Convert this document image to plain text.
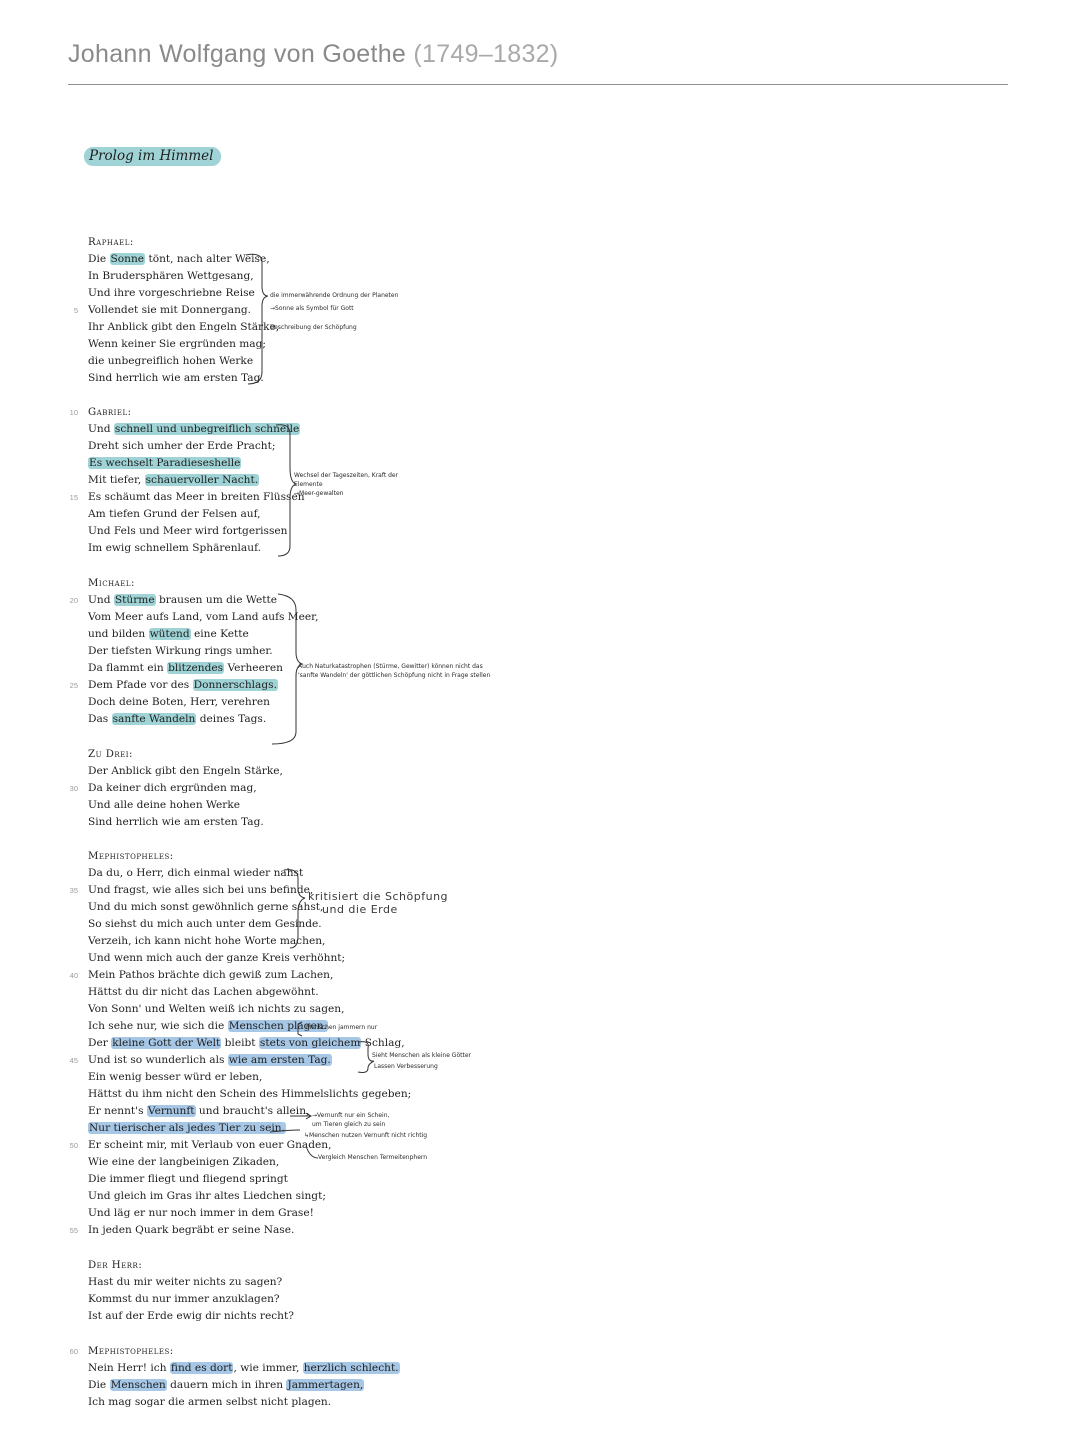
Johann Wolfgang von Goethe (1749–1832)
Prolog im Himmel
Raphael:
Die Sonne tönt, nach alter Weise,
In Brudersphären Wettgesang,
Und ihre vorgeschriebne Reise
Vollendet sie mit Donnergang.
Ihr Anblick gibt den Engeln Stärke,
Wenn keiner Sie ergründen mag;
die unbegreiflich hohen Werke
Sind herrlich wie am ersten Tag.
Gabriel:
Und schnell und unbegreiflich schnelle
Dreht sich umher der Erde Pracht;
Es wechselt Paradieseshelle
Mit tiefer, schauervoller Nacht.
Es schäumt das Meer in breiten Flüssen
Am tiefen Grund der Felsen auf,
Und Fels und Meer wird fortgerissen
Im ewig schnellem Sphärenlauf.
Michael:
Und Stürme brausen um die Wette
Vom Meer aufs Land, vom Land aufs Meer,
und bilden wütend eine Kette
Der tiefsten Wirkung rings umher.
Da flammt ein blitzendes Verheeren
Dem Pfade vor des Donnerschlags.
Doch deine Boten, Herr, verehren
Das sanfte Wandeln deines Tags.
Zu Drei:
Der Anblick gibt den Engeln Stärke,
Da keiner dich ergründen mag,
Und alle deine hohen Werke
Sind herrlich wie am ersten Tag.
Mephistopheles:
Da du, o Herr, dich einmal wieder nahst
Und fragst, wie alles sich bei uns befinde,
Und du mich sonst gewöhnlich gerne sahst,
So siehst du mich auch unter dem Gesinde.
Verzeih, ich kann nicht hohe Worte machen,
Und wenn mich auch der ganze Kreis verhöhnt;
Mein Pathos brächte dich gewiß zum Lachen,
Hättst du dir nicht das Lachen abgewöhnt.
Von Sonn' und Welten weiß ich nichts zu sagen,
Ich sehe nur, wie sich die Menschen plagen.
Der kleine Gott der Welt bleibt stets von gleichem Schlag,
Und ist so wunderlich als wie am ersten Tag.
Ein wenig besser würd er leben,
Hättst du ihm nicht den Schein des Himmelslichts gegeben;
Er nennt's Vernunft und braucht's allein,
Nur tierischer als jedes Tier zu sein.
Er scheint mir, mit Verlaub von euer Gnaden,
Wie eine der langbeinigen Zikaden,
Die immer fliegt und fliegend springt
Und gleich im Gras ihr altes Liedchen singt;
Und läg er nur noch immer in dem Grase!
In jeden Quark begräbt er seine Nase.
Der Herr:
Hast du mir weiter nichts zu sagen?
Kommst du nur immer anzuklagen?
Ist auf der Erde ewig dir nichts recht?
Mephistopheles:
Nein Herr! ich find es dort, wie immer, herzlich schlecht.
Die Menschen dauern mich in ihren Jammertagen,
Ich mag sogar die armen selbst nicht plagen.
5
10
15
20
25
30
35
40
45
50
55
60
die immerwährende Ordnung der Planeten
→Sonne als Symbol für Gott
Beschreibung der Schöpfung
Wechsel der Tageszeiten, Kraft der
Elemente
→Meer-gewalten
Auch Naturkatastrophen (Stürme, Gewitter) können nicht das
'sanfte Wandeln' der göttlichen Schöpfung nicht in Frage stellen
kritisiert die Schöpfung
und die Erde
Menschen jammern nur
Sieht Menschen als kleine Götter
Lassen Verbesserung
→Vernunft nur ein Schein,
um Tieren gleich zu sein
↳Menschen nutzen Vernunft nicht richtig
Vergleich Menschen Termeitenphern
